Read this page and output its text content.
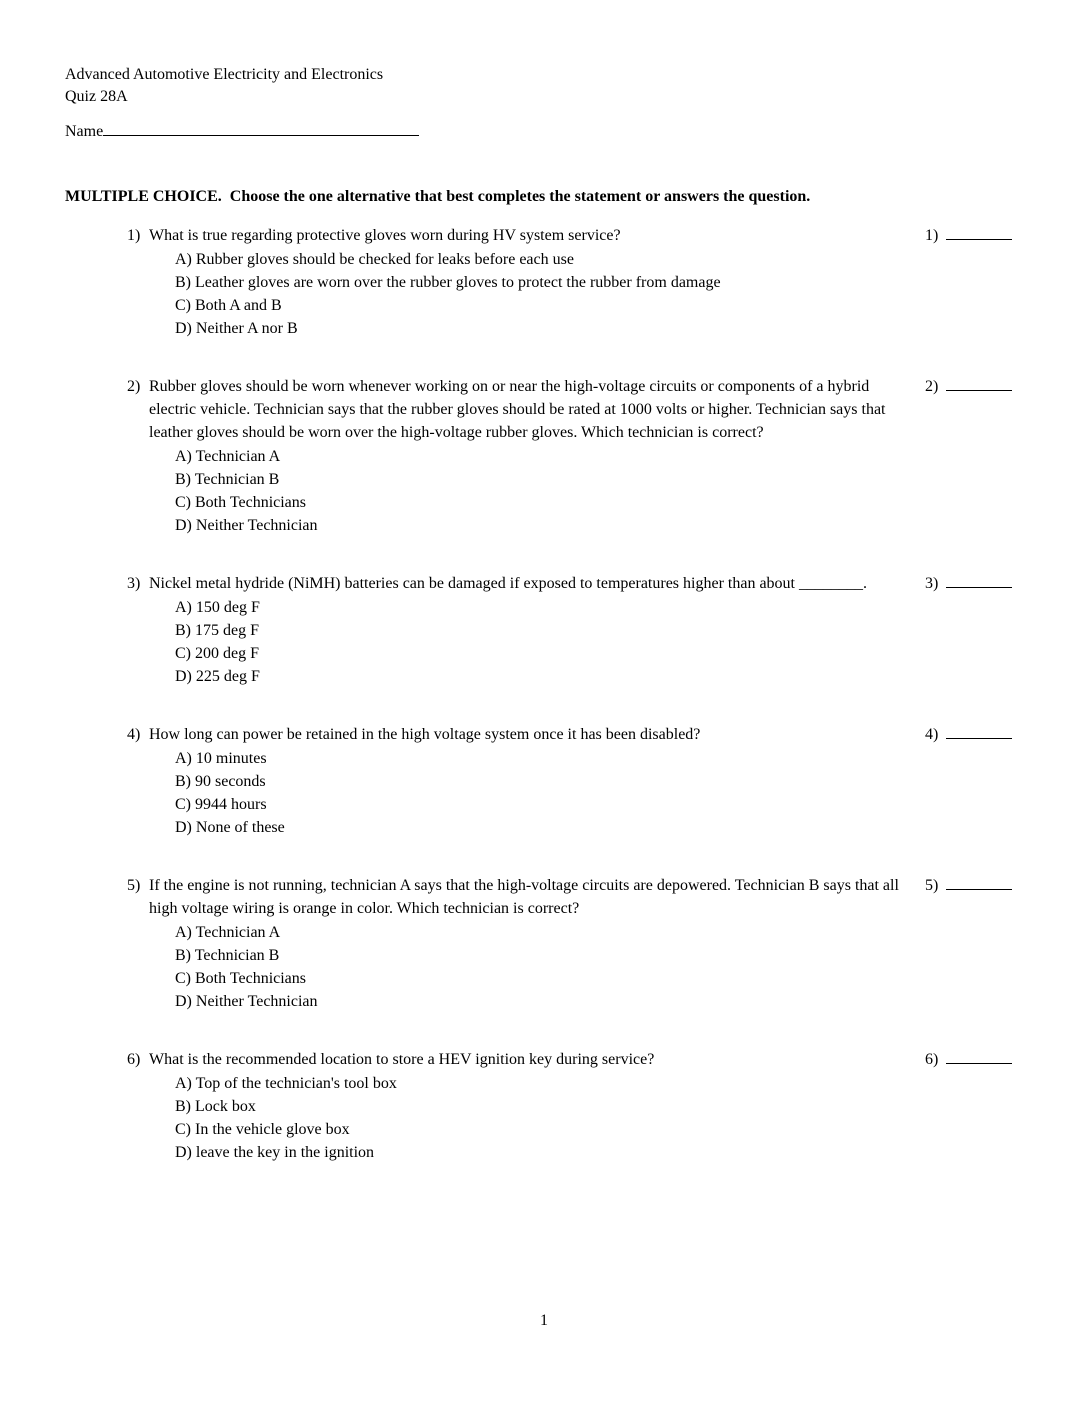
Advanced Automotive Electricity and Electronics
Quiz 28A
Name
MULTIPLE CHOICE.  Choose the one alternative that best completes the statement or answers the question.
1) What is true regarding protective gloves worn during HV system service?
A) Rubber gloves should be checked for leaks before each use
B) Leather gloves are worn over the rubber gloves to protect the rubber from damage
C) Both A and B
D) Neither A nor B
1)
2) Rubber gloves should be worn whenever working on or near the high-voltage circuits or components of a hybrid electric vehicle. Technician says that the rubber gloves should be rated at 1000 volts or higher. Technician says that leather gloves should be worn over the high-voltage rubber gloves. Which technician is correct?
A) Technician A
B) Technician B
C) Both Technicians
D) Neither Technician
2)
3) Nickel metal hydride (NiMH) batteries can be damaged if exposed to temperatures higher than about ________.
A) 150 deg F
B) 175 deg F
C) 200 deg F
D) 225 deg F
3)
4) How long can power be retained in the high voltage system once it has been disabled?
A) 10 minutes
B) 90 seconds
C) 9944 hours
D) None of these
4)
5) If the engine is not running, technician A says that the high-voltage circuits are depowered. Technician B says that all high voltage wiring is orange in color. Which technician is correct?
A) Technician A
B) Technician B
C) Both Technicians
D) Neither Technician
5)
6) What is the recommended location to store a HEV ignition key during service?
A) Top of the technician's tool box
B) Lock box
C) In the vehicle glove box
D) leave the key in the ignition
6)
1
